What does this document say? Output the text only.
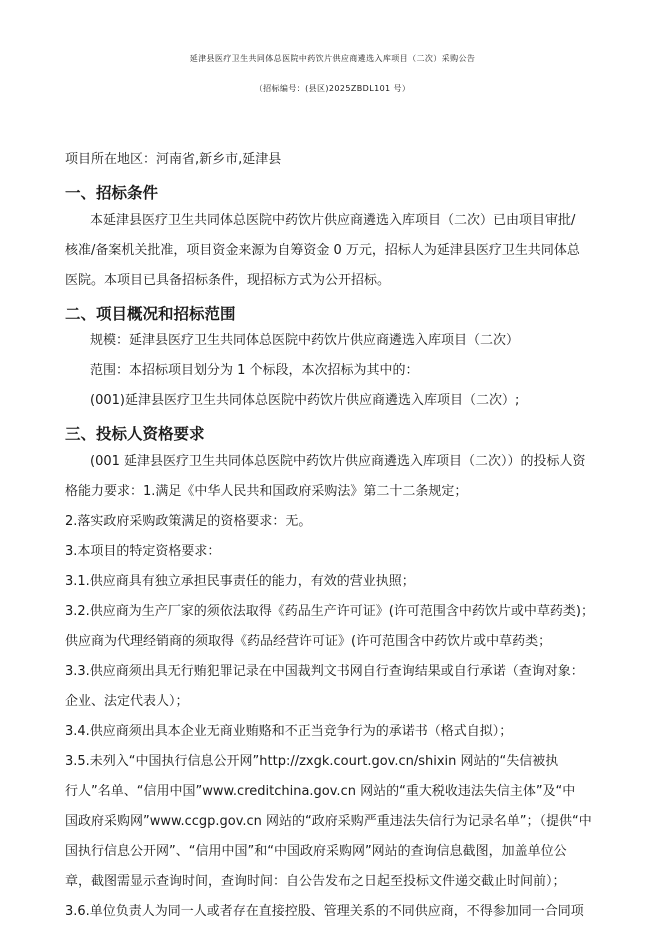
延津县医疗卫生共同体总医院中药饮片供应商遴选入库项目（二次）采购公告
（招标编号：(县区)2025ZBDL101 号）
项目所在地区：河南省,新乡市,延津县
一、招标条件
本延津县医疗卫生共同体总医院中药饮片供应商遴选入库项目（二次）已由项目审批/
核准/备案机关批准，项目资金来源为自筹资金 0 万元，招标人为延津县医疗卫生共同体总
医院。本项目已具备招标条件，现招标方式为公开招标。
二、项目概况和招标范围
规模：延津县医疗卫生共同体总医院中药饮片供应商遴选入库项目（二次）
范围：本招标项目划分为 1 个标段，本次招标为其中的：
(001)延津县医疗卫生共同体总医院中药饮片供应商遴选入库项目（二次）;
三、投标人资格要求
(001 延津县医疗卫生共同体总医院中药饮片供应商遴选入库项目（二次））的投标人资
格能力要求：1.满足《中华人民共和国政府采购法》第二十二条规定；
2.落实政府采购政策满足的资格要求：无。
3.本项目的特定资格要求：
3.1.供应商具有独立承担民事责任的能力，有效的营业执照；
3.2.供应商为生产厂家的须依法取得《药品生产许可证》(许可范围含中药饮片或中草药类)；
供应商为代理经销商的须取得《药品经营许可证》(许可范围含中药饮片或中草药类；
3.3.供应商须出具无行贿犯罪记录在中国裁判文书网自行查询结果或自行承诺（查询对象：
企业、法定代表人）；
3.4.供应商须出具本企业无商业贿赂和不正当竞争行为的承诺书（格式自拟）；
3.5.未列入“中国执行信息公开网”http://zxgk.court.gov.cn/shixin 网站的“失信被执
行人”名单、“信用中国”www.creditchina.gov.cn 网站的“重大税收违法失信主体”及“中
国政府采购网”www.ccgp.gov.cn 网站的“政府采购严重违法失信行为记录名单”；（提供“中
国执行信息公开网”、“信用中国”和“中国政府采购网”网站的查询信息截图，加盖单位公
章，截图需显示查询时间，查询时间：自公告发布之日起至投标文件递交截止时间前）；
3.6.单位负责人为同一人或者存在直接控股、管理关系的不同供应商，不得参加同一合同项
